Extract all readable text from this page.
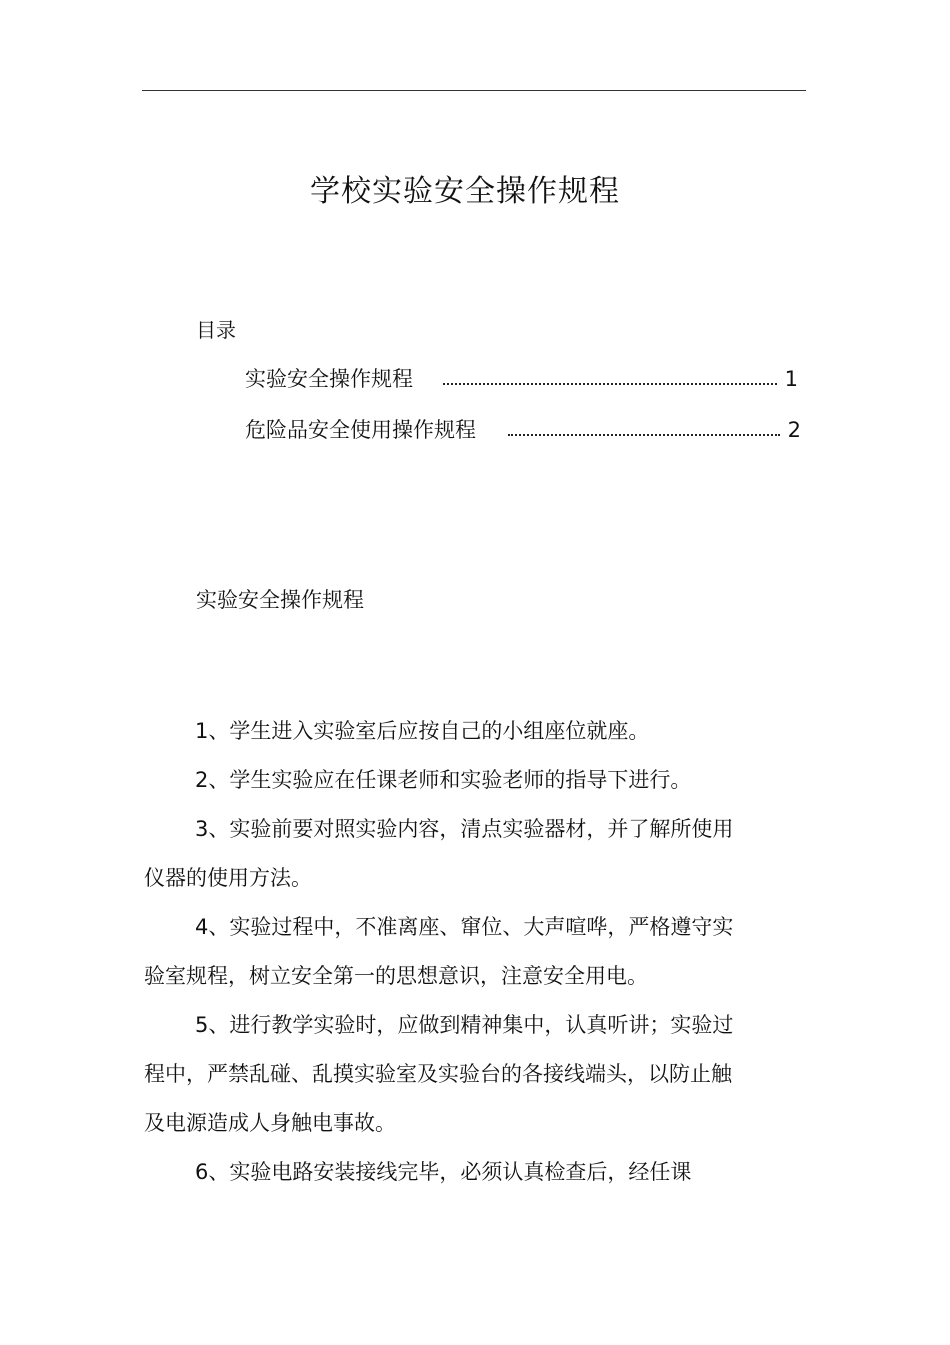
学校实验安全操作规程
目录
实验安全操作规程	1
危险品安全使用操作规程	2
实验安全操作规程

1、学生进入实验室后应按自己的小组座位就座。

2、学生实验应在任课老师和实验老师的指导下进行。

3、实验前要对照实验内容，清点实验器材，并了解所使用仪器的使用方法。

4、实验过程中，不准离座、窜位、大声喧哗，严格遵守实验室规程，树立安全第一的思想意识，注意安全用电。

5、进行教学实验时，应做到精神集中，认真听讲；实验过程中，严禁乱碰、乱摸实验室及实验台的各接线端头，以防止触及电源造成人身触电事故。

6、实验电路安装接线完毕，必须认真检查后，经任课
